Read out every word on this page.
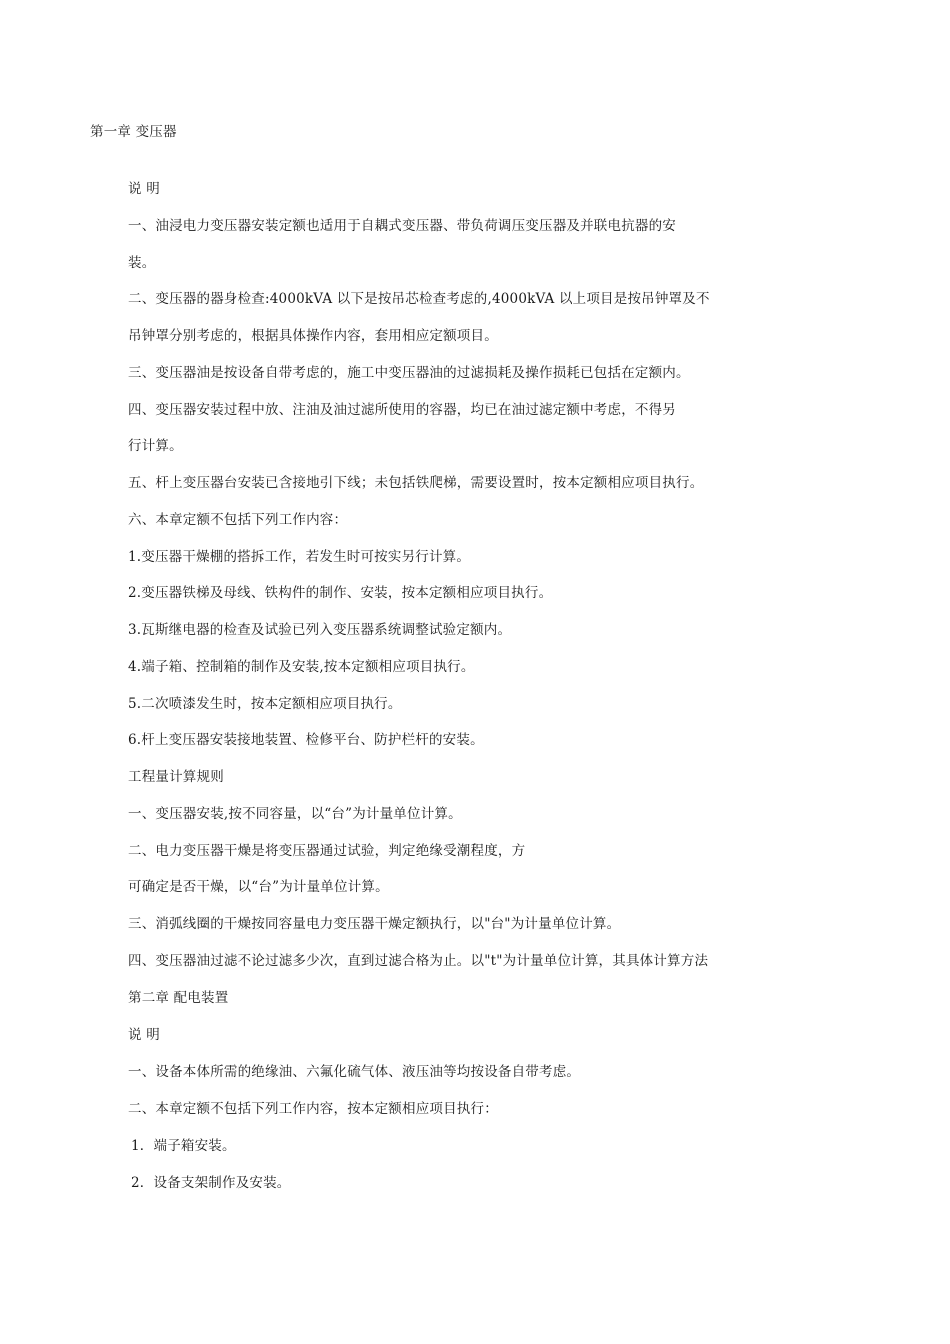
第一章 变压器
说 明
一、油浸电力变压器安装定额也适用于自耦式变压器、带负荷调压变压器及并联电抗器的安
装。
二、变压器的器身检查:4000kVA 以下是按吊芯检查考虑的,4000kVA 以上项目是按吊钟罩及不
吊钟罩分别考虑的，根据具体操作内容，套用相应定额项目。
三、变压器油是按设备自带考虑的，施工中变压器油的过滤损耗及操作损耗已包括在定额内。
四、变压器安装过程中放、注油及油过滤所使用的容器，均已在油过滤定额中考虑，不得另
行计算。
五、杆上变压器台安装已含接地引下线；未包括铁爬梯，需要设置时，按本定额相应项目执行。
六、本章定额不包括下列工作内容：
1.变压器干燥棚的搭拆工作，若发生时可按实另行计算。
2.变压器铁梯及母线、铁构件的制作、安装，按本定额相应项目执行。
3.瓦斯继电器的检查及试验已列入变压器系统调整试验定额内。
4.端子箱、控制箱的制作及安装,按本定额相应项目执行。
5.二次喷漆发生时，按本定额相应项目执行。
6.杆上变压器安装接地装置、检修平台、防护栏杆的安装。
工程量计算规则
一、变压器安装,按不同容量，以“台”为计量单位计算。
二、电力变压器干燥是将变压器通过试验，判定绝缘受潮程度，方
可确定是否干燥，以“台”为计量单位计算。
三、消弧线圈的干燥按同容量电力变压器干燥定额执行，以"台"为计量单位计算。
四、变压器油过滤不论过滤多少次，直到过滤合格为止。以"t"为计量单位计算，其具体计算方法
第二章 配电装置
说 明
一、设备本体所需的绝缘油、六氟化硫气体、液压油等均按设备自带考虑。
二、本章定额不包括下列工作内容，按本定额相应项目执行：
1．端子箱安装。
2．设备支架制作及安装。
